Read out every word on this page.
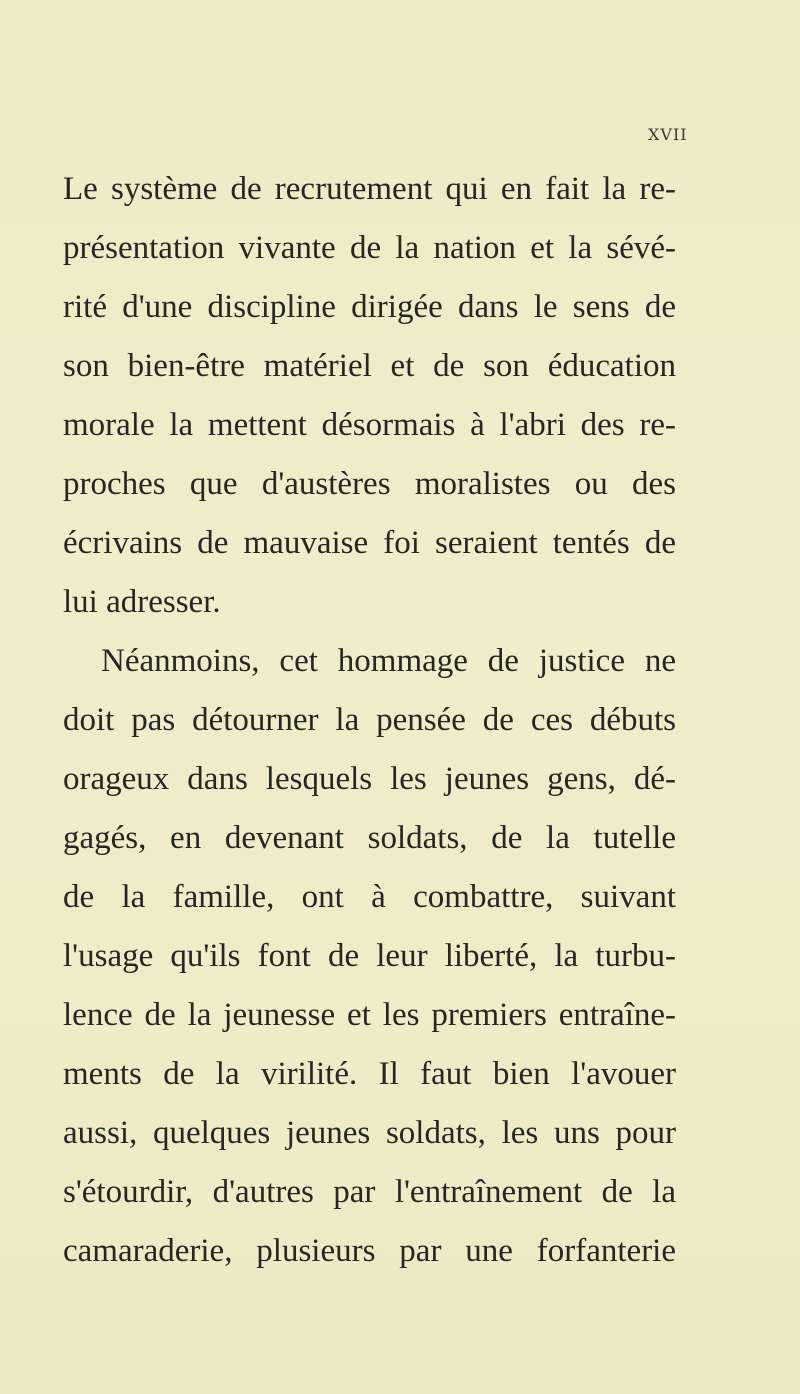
XVII
Le système de recrutement qui en fait la re-
présentation vivante de la nation et la sévé-
rité d'une discipline dirigée dans le sens de
son bien-être matériel et de son éducation
morale la mettent désormais à l'abri des re-
proches que d'austères moralistes ou des
écrivains de mauvaise foi seraient tentés de
lui adresser.
Néanmoins, cet hommage de justice ne
doit pas détourner la pensée de ces débuts
orageux dans lesquels les jeunes gens, dé-
gagés, en devenant soldats, de la tutelle
de la famille, ont à combattre, suivant
l'usage qu'ils font de leur liberté, la turbu-
lence de la jeunesse et les premiers entraîne-
ments de la virilité. Il faut bien l'avouer
aussi, quelques jeunes soldats, les uns pour
s'étourdir, d'autres par l'entraînement de la
camaraderie, plusieurs par une forfanterie
